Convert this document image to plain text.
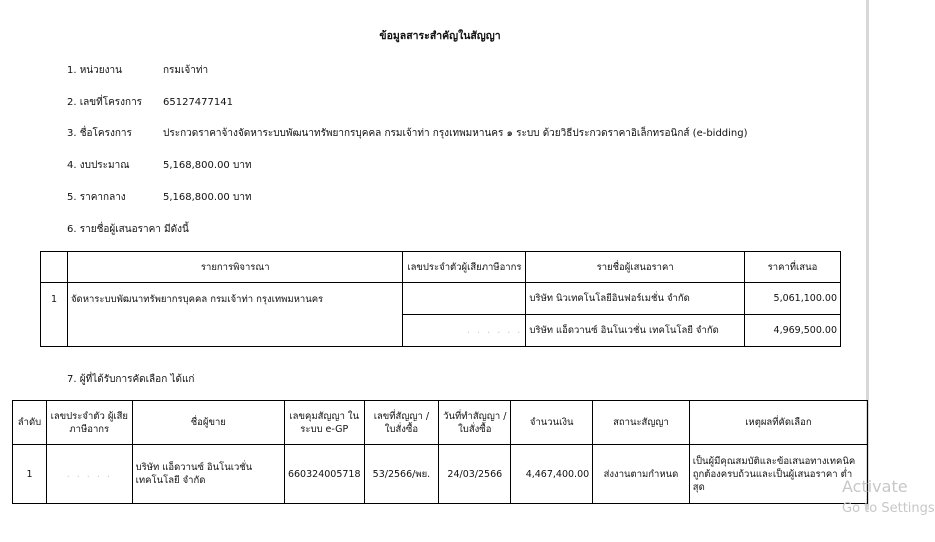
ข้อมูลสาระสำคัญในสัญญา
1. หน่วยงาน	กรมเจ้าท่า
2. เลขที่โครงการ 65127477141
3. ชื่อโครงการ	ประกวดราคาจ้างจัดหาระบบพัฒนาทรัพยากรบุคคล กรมเจ้าท่า กรุงเทพมหานคร ๑ ระบบ ด้วยวิธีประกวดราคาอิเล็กทรอนิกส์ (e-bidding)
4. งบประมาณ	5,168,800.00 บาท
5. ราคากลาง	5,168,800.00 บาท
6. รายชื่อผู้เสนอราคา มีดังนี้
	รายการพิจารณา	เลขประจำตัวผู้เสียภาษีอากร	รายชื่อผู้เสนอราคา	ราคาที่เสนอ
1	จัดหาระบบพัฒนาทรัพยากรบุคคล กรมเจ้าท่า กรุงเทพมหานคร		บริษัท นิวเทคโนโลยีอินฟอร์เมชั่น จำกัด	5,061,100.00
		. . . . . .	บริษัท แอ็ดวานซ์ อินโนเวชั่น เทคโนโลยี จำกัด	4,969,500.00
7. ผู้ที่ได้รับการคัดเลือก ได้แก่
ลำดับ	เลขประจำตัว ผู้เสียภาษีอากร	ชื่อผู้ขาย	เลขคุมสัญญา ในระบบ e-GP	เลขที่สัญญา / ใบสั่งซื้อ	วันที่ทำสัญญา / ใบสั่งซื้อ	จำนวนเงิน	สถานะสัญญา	เหตุผลที่คัดเลือก
1	. . . . .	บริษัท แอ็ดวานซ์ อินโนเวชั่น เทคโนโลยี จำกัด	660324005718	53/2566/พย.	24/03/2566	4,467,400.00	ส่งงานตามกำหนด	เป็นผู้มีคุณสมบัติและข้อเสนอทางเทคนิคถูกต้องครบถ้วนและเป็นผู้เสนอราคา ต่ำสุด	Activate
Go to Settings
